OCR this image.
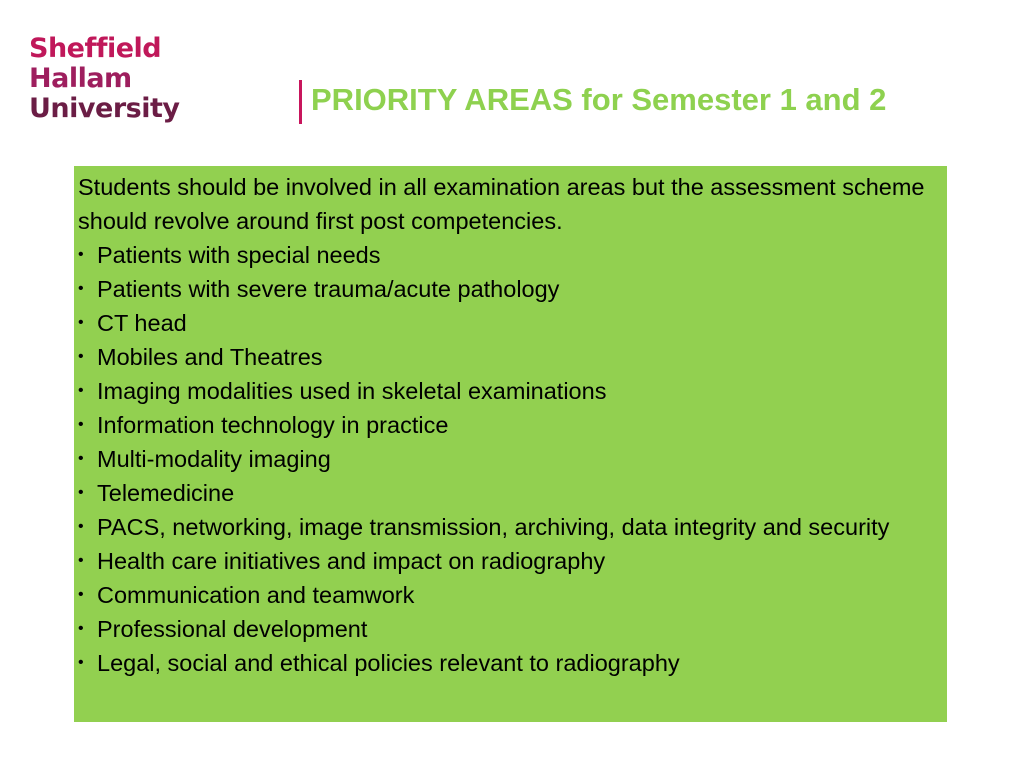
Sheffield
Hallam
University	PRIORITY AREAS for Semester 1 and 2

Students should be involved in all examination areas but the assessment scheme should revolve around first post competencies.

• Patients with special needs
• Patients with severe trauma/acute pathology
• CT head
• Mobiles and Theatres
• Imaging modalities used in skeletal examinations
• Information technology in practice
• Multi-modality imaging
• Telemedicine
• PACS, networking, image transmission, archiving, data integrity and security
• Health care initiatives and impact on radiography
• Communication and teamwork
• Professional development
• Legal, social and ethical policies relevant to radiography
